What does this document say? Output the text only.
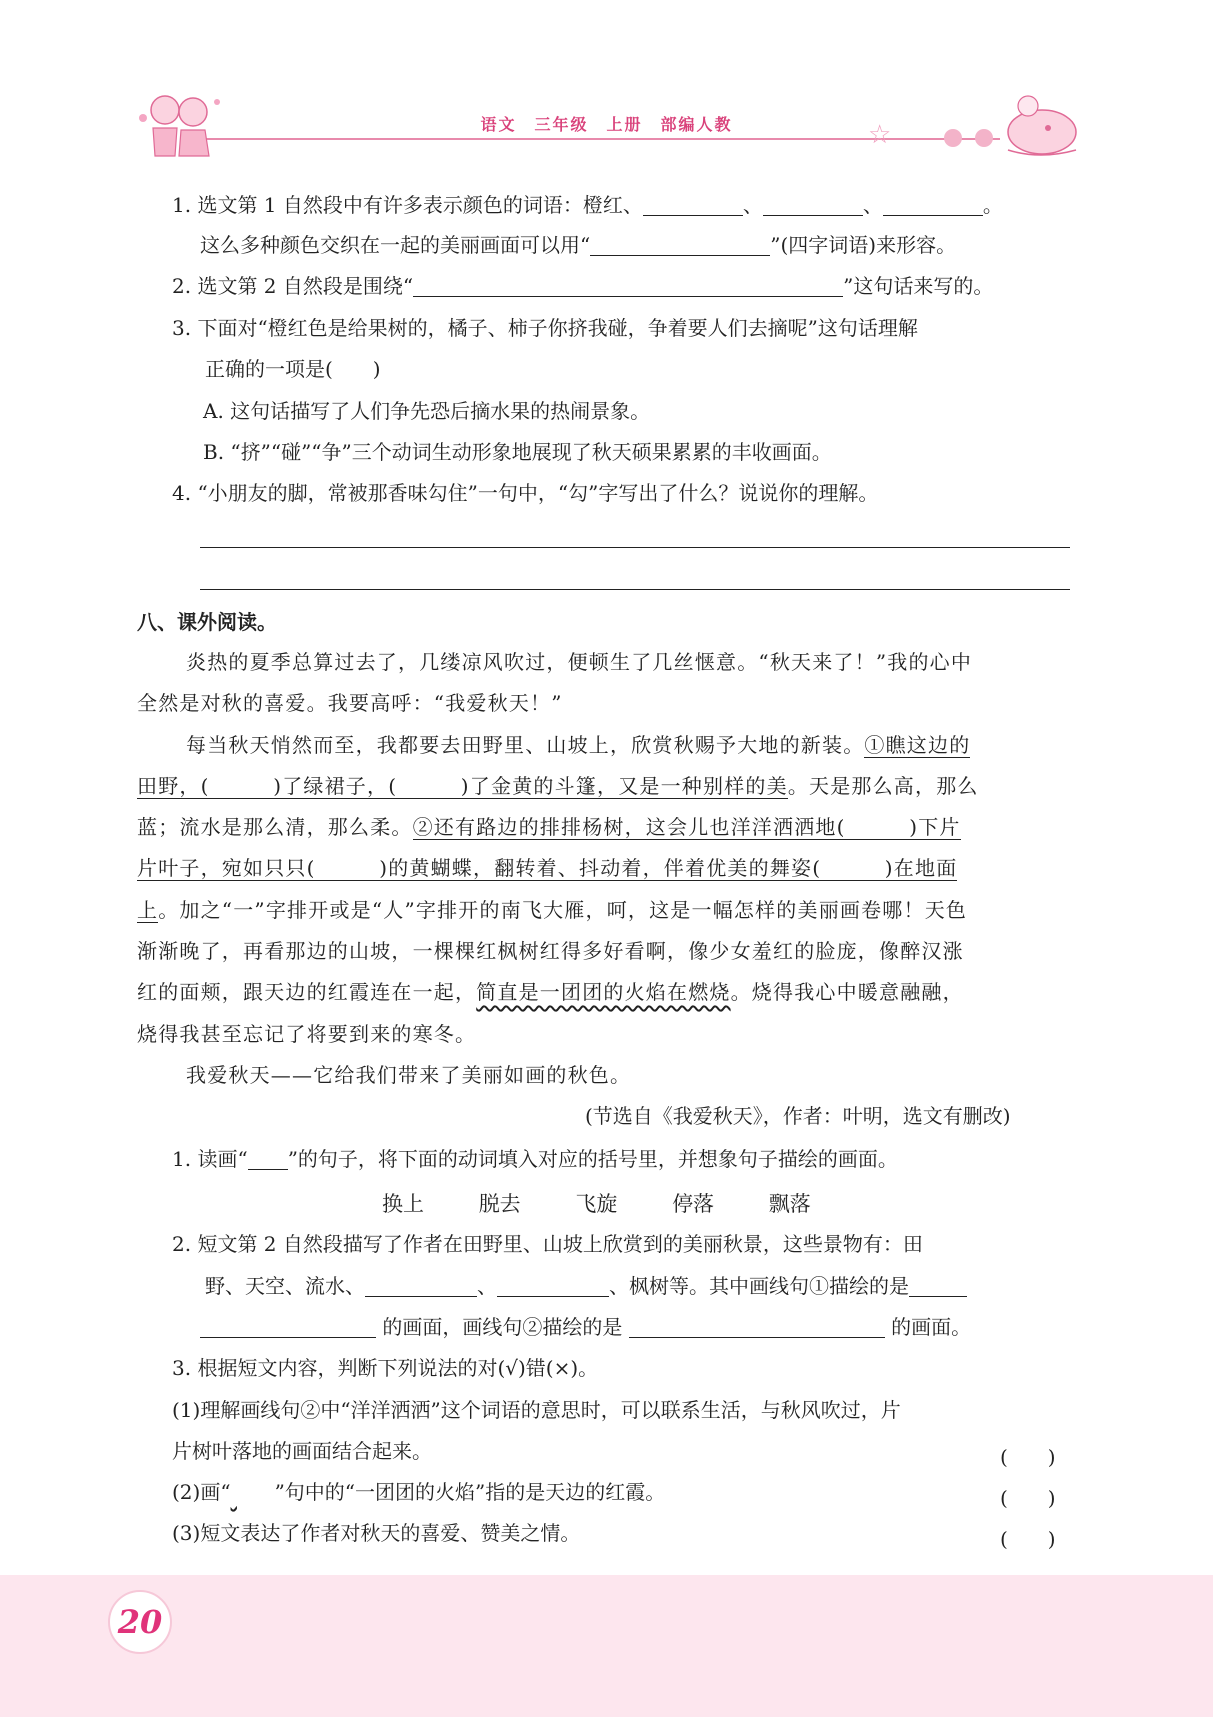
语文　三年级　上册　部编人教	☆
1. 选文第 1 自然段中有许多表示颜色的词语：橙红、	、	、	。
这么多种颜色交织在一起的美丽画面可以用“	”(四字词语)来形容。
2. 选文第 2 自然段是围绕“	”这句话来写的。
3. 下面对“橙红色是给果树的，橘子、柿子你挤我碰，争着要人们去摘呢”这句话理解
正确的一项是(　　)
A. 这句话描写了人们争先恐后摘水果的热闹景象。
B. “挤”“碰”“争”三个动词生动形象地展现了秋天硕果累累的丰收画面。
4. “小朋友的脚，常被那香味勾住”一句中，“勾”字写出了什么？说说你的理解。
八、课外阅读。
炎热的夏季总算过去了，几缕凉风吹过，便顿生了几丝惬意。“秋天来了！”我的心中
全然是对秋的喜爱。我要高呼：“我爱秋天！”
每当秋天悄然而至，我都要去田野里、山坡上，欣赏秋赐予大地的新装。①瞧这边的
田野，(　　　)了绿裙子，(　　　)了金黄的斗篷，又是一种别样的美。天是那么高，那么
蓝；流水是那么清，那么柔。②还有路边的排排杨树，这会儿也洋洋洒洒地(　　　)下片
片叶子，宛如只只(　　　)的黄蝴蝶，翻转着、抖动着，伴着优美的舞姿(　　　)在地面
上。加之“一”字排开或是“人”字排开的南飞大雁，呵，这是一幅怎样的美丽画卷哪！天色
渐渐晚了，再看那边的山坡，一棵棵红枫树红得多好看啊，像少女羞红的脸庞，像醉汉涨
红的面颊，跟天边的红霞连在一起，简直是一团团的火焰在燃烧。烧得我心中暖意融融，
烧得我甚至忘记了将要到来的寒冬。
我爱秋天——它给我们带来了美丽如画的秋色。
(节选自《我爱秋天》，作者：叶明，选文有删改)
1. 读画“ ”的句子，将下面的动词填入对应的括号里，并想象句子描绘的画面。
换上	脱去	飞旋	停落	飘落
2. 短文第 2 自然段描写了作者在田野里、山坡上欣赏到的美丽秋景，这些景物有：田
野、天空、流水、	、	、枫树等。其中画线句①描绘的是
的画面，画线句②描绘的是	的画面。
3. 根据短文内容，判断下列说法的对(√)错(×)。
(1)理解画线句②中“洋洋洒洒”这个词语的意思时，可以联系生活，与秋风吹过，片
片树叶落地的画面结合起来。	(　　)
(2)画“ ”句中的“一团团的火焰”指的是天边的红霞。	(　　)
(3)短文表达了作者对秋天的喜爱、赞美之情。	(　　)
20
